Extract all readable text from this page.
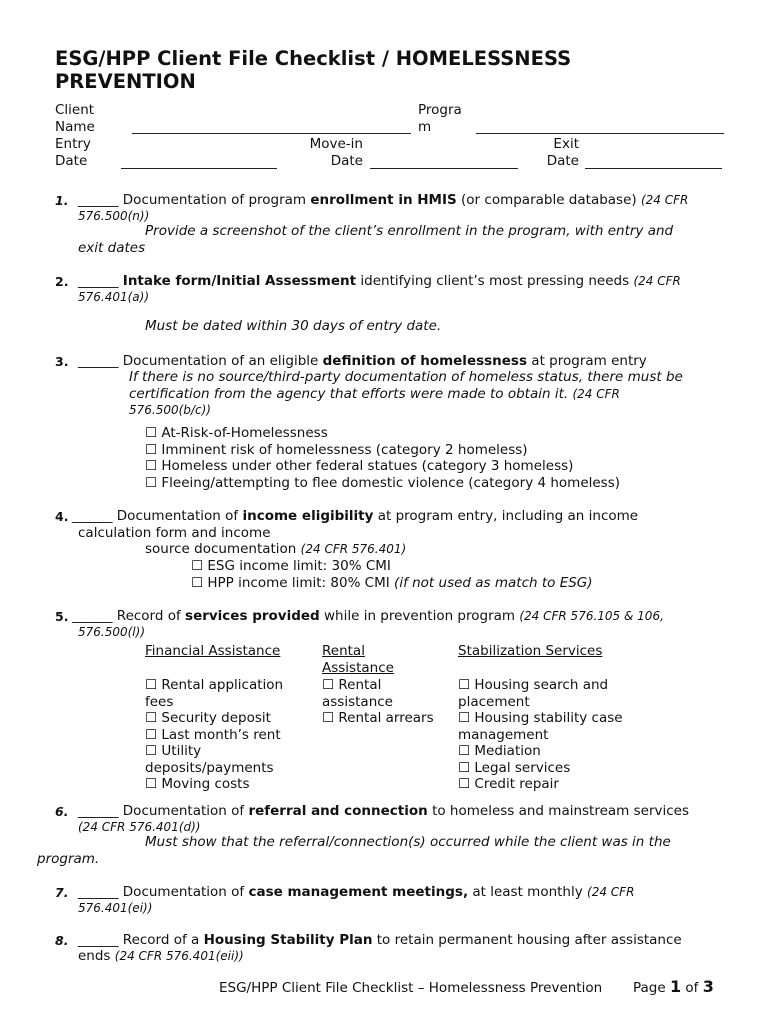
ESG/HPP Client File Checklist / HOMELESSNESS
PREVENTION
Client
Name
Progra
m
Entry
Date
Move-in
Date
Exit
Date
1. ______ Documentation of program enrollment in HMIS (or comparable database) (24 CFR
576.500(n))
Provide a screenshot of the client’s enrollment in the program, with entry and
exit dates
2. ______ Intake form/Initial Assessment identifying client’s most pressing needs (24 CFR
576.401(a))
Must be dated within 30 days of entry date.
3. ______ Documentation of an eligible definition of homelessness at program entry
If there is no source/third-party documentation of homeless status, there must be
certification from the agency that efforts were made to obtain it. (24 CFR
576.500(b/c))
☐ At-Risk-of-Homelessness
☐ Imminent risk of homelessness (category 2 homeless)
☐ Homeless under other federal statues (category 3 homeless)
☐ Fleeing/attempting to flee domestic violence (category 4 homeless)
4. ______ Documentation of income eligibility at program entry, including an income
calculation form and income
source documentation (24 CFR 576.401)
☐ ESG income limit: 30% CMI
☐ HPP income limit: 80% CMI (if not used as match to ESG)
5. ______ Record of services provided while in prevention program (24 CFR 576.105 & 106,
576.500(l))
Financial Assistance	Rental
Assistance
Stabilization Services
☐ Rental application
fees
☐ Security deposit
☐ Last month’s rent
☐ Utility
deposits/payments
☐ Moving costs
☐ Rental
assistance
☐ Rental arrears
☐ Housing search and
placement
☐ Housing stability case
management
☐ Mediation
☐ Legal services
☐ Credit repair
6. ______ Documentation of referral and connection to homeless and mainstream services
(24 CFR 576.401(d))
Must show that the referral/connection(s) occurred while the client was in the
program.
7. ______ Documentation of case management meetings, at least monthly (24 CFR
576.401(ei))
8. ______ Record of a Housing Stability Plan to retain permanent housing after assistance
ends (24 CFR 576.401(eii))
ESG/HPP Client File Checklist – Homelessness Prevention Page 1 of 3
